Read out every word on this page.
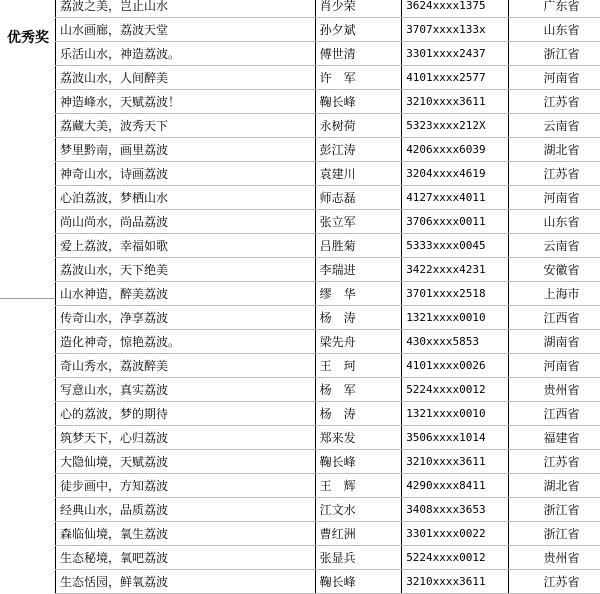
优秀奖
荔波之美，岂止山水	肖少荣	3624xxxx1375	广东省
山水画廊，荔波天堂	孙夕斌	3707xxxx133x	山东省
乐活山水，神造荔波。	傅世清	3301xxxx2437	浙江省
荔波山水，人间醉美	许　军	4101xxxx2577	河南省
神造峰水，天赋荔波！	鞠长峰	3210xxxx3611	江苏省
荔藏大美，波秀天下	永树荷	5323xxxx212X	云南省
梦里黔南，画里荔波	彭江涛	4206xxxx6039	湖北省
神奇山水，诗画荔波	袁建川	3204xxxx4619	江苏省
心泊荔波，梦栖山水	师志磊	4127xxxx4011	河南省
尚山尚水，尚品荔波	张立军	3706xxxx0011	山东省
爱上荔波，幸福如歌	吕胜菊	5333xxxx0045	云南省
荔波山水，天下绝美	李瑞进	3422xxxx4231	安徽省
山水神造，醉美荔波	缪　华	3701xxxx2518	上海市
传奇山水，净享荔波	杨　涛	1321xxxx0010	江西省
造化神奇，惊艳荔波。	梁先舟	430xxxx5853	湖南省
奇山秀水，荔波醉美	王　珂	4101xxxx0026	河南省
写意山水，真实荔波	杨　军	5224xxxx0012	贵州省
心的荔波，梦的期待	杨　涛	1321xxxx0010	江西省
筑梦天下，心归荔波	郑来发	3506xxxx1014	福建省
大隐仙境，天赋荔波	鞠长峰	3210xxxx3611	江苏省
徒步画中，方知荔波	王　辉	4290xxxx8411	湖北省
经典山水，品质荔波	江文水	3408xxxx3653	浙江省
森临仙境，氧生荔波	曹红洲	3301xxxx0022	浙江省
生态秘境，氧吧荔波	张显兵	5224xxxx0012	贵州省
生态恬园，鲜氧荔波	鞠长峰	3210xxxx3611	江苏省
